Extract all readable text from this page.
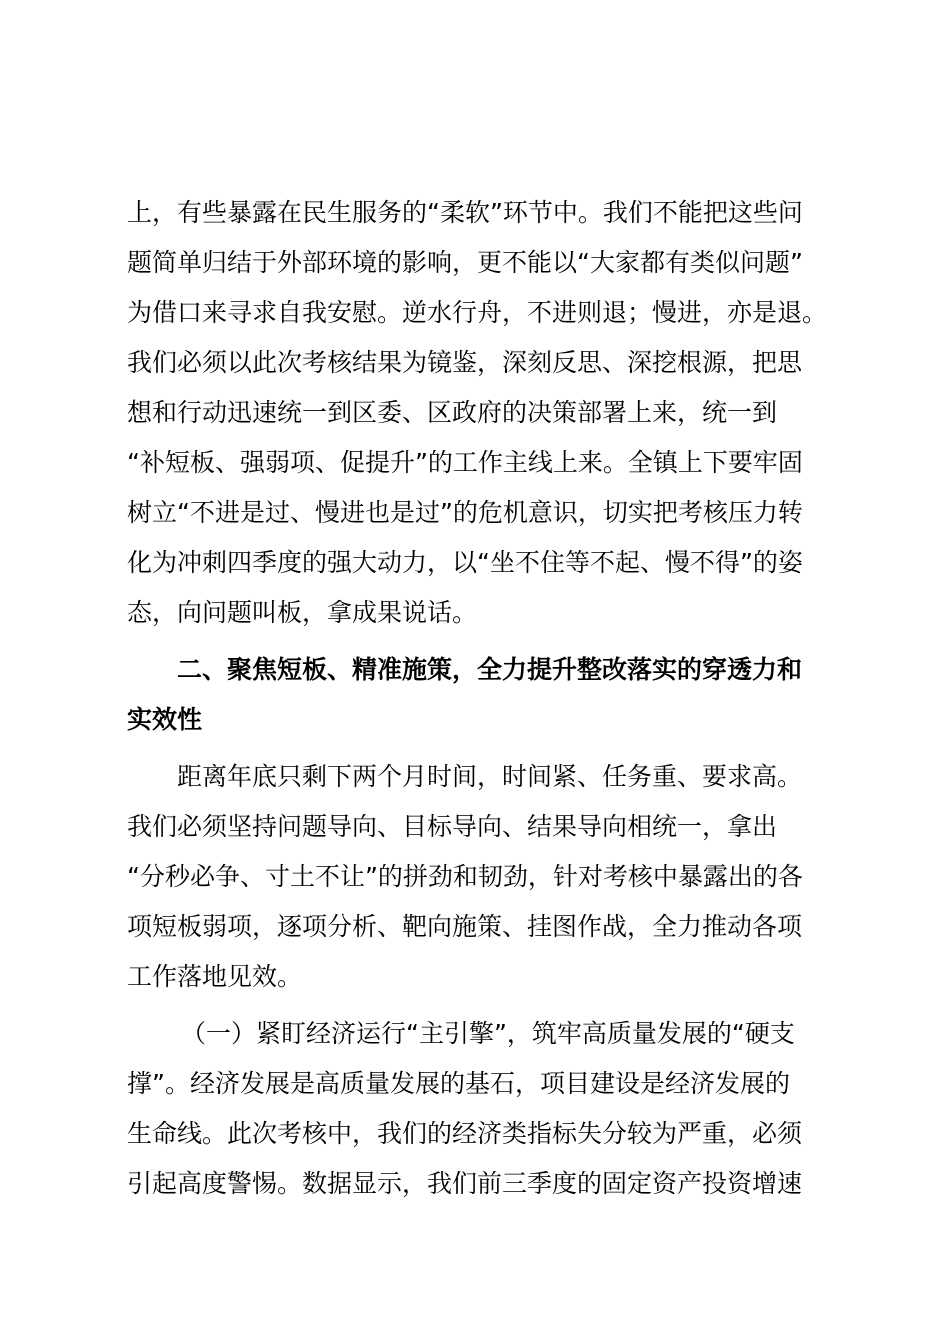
上，有些暴露在民生服务的“柔软”环节中。我们不能把这些问

题简单归结于外部环境的影响，更不能以“大家都有类似问题”

为借口来寻求自我安慰。逆水行舟，不进则退；慢进，亦是退。

我们必须以此次考核结果为镜鉴，深刻反思、深挖根源，把思

想和行动迅速统一到区委、区政府的决策部署上来，统一到

“补短板、强弱项、促提升”的工作主线上来。全镇上下要牢固

树立“不进是过、慢进也是过”的危机意识，切实把考核压力转

化为冲刺四季度的强大动力，以“坐不住等不起、慢不得”的姿

态，向问题叫板，拿成果说话。

二、聚焦短板、精准施策，全力提升整改落实的穿透力和

实效性

距离年底只剩下两个月时间，时间紧、任务重、要求高。

我们必须坚持问题导向、目标导向、结果导向相统一，拿出

“分秒必争、寸土不让”的拼劲和韧劲，针对考核中暴露出的各

项短板弱项，逐项分析、靶向施策、挂图作战，全力推动各项

工作落地见效。

（一）紧盯经济运行“主引擎”，筑牢高质量发展的“硬支

撑”。经济发展是高质量发展的基石，项目建设是经济发展的

生命线。此次考核中，我们的经济类指标失分较为严重，必须

引起高度警惕。数据显示，我们前三季度的固定资产投资增速
